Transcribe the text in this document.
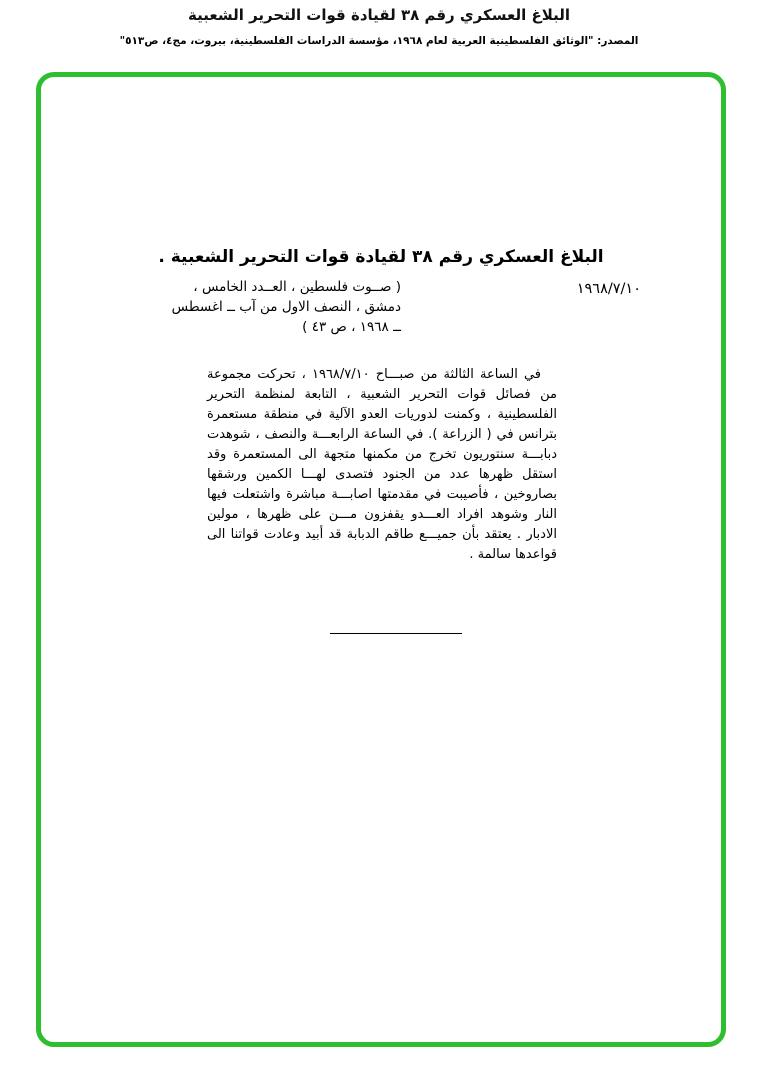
البلاغ العسكري رقم ٣٨ لقيادة قوات التحرير الشعبية
المصدر: "الوثائق الفلسطينية العربية لعام ١٩٦٨، مؤسسة الدراسات الفلسطينية، بيروت، مج٤، ص٥١٣"
البلاغ العسكري رقم ٣٨ لقيادة قوات التحرير الشعبية .
١٩٦٨/٧/١٠
( صــوت فلسطين ، العــدد الخامس ،
دمشق ، النصف الاول من آب ــ اغسطس
ــ ١٩٦٨ ، ص ٤٣ )
في الساعة الثالثة من صبـــاح ١٩٦٨/٧/١٠ ، تحركت مجموعة من فصائل قوات التحرير الشعبية ، التابعة لمنظمة التحرير الفلسطينية ، وكمنت لدوريات العدو الآلية في منطقة مستعمرة بترانس في ( الزراعة ). في الساعة الرابعـــة والنصف ، شوهدت دبابـــة سنتوريون تخرج من مكمنها متجهة الى المستعمرة وقد استقل ظهرها عدد من الجنود فتصدى لهـــا الكمين ورشقها بصاروخين ، فأصيبت في مقدمتها اصابـــة مباشرة واشتعلت فيها النار وشوهد افراد العـــدو يقفزون مـــن على ظهرها ، مولين الادبار . يعتقد بأن جميـــع طاقم الدبابة قد أبيد وعادت قواتنا الى قواعدها سالمة .
